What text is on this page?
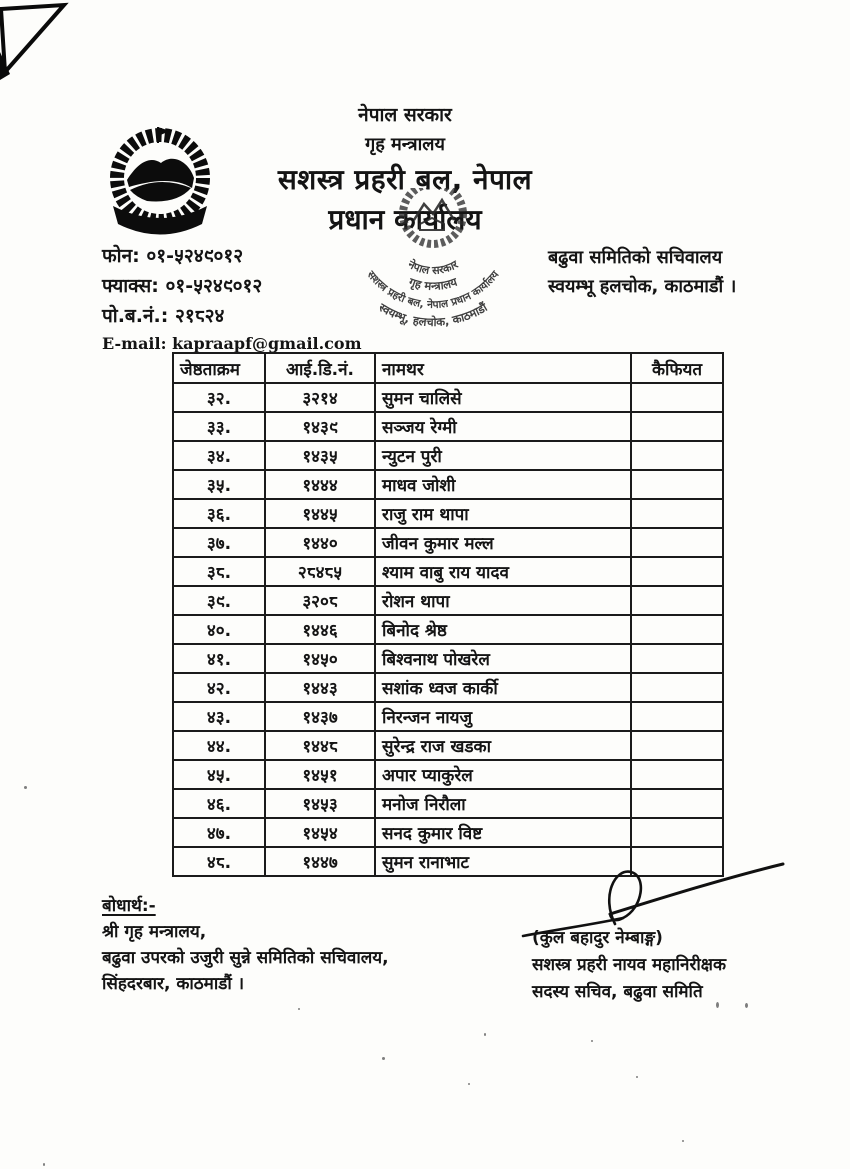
नेपाल सरकार
गृह मन्त्रालय
सशस्त्र प्रहरी बल, नेपाल
प्रधान कार्यालय
नेपाल सरकार
गृह मन्त्रालय
सशस्त्र प्रहरी बल, नेपाल प्रधान कार्यालय
स्वयम्भू, हलचोक, काठमाडौं
फोन: ०१-५२४९०१२
फ्याक्स: ०१-५२४९०१२
पो.ब.नं.: २१८२४
E-mail: kapraapf@gmail.com
बढुवा समितिको सचिवालय
स्वयम्भू हलचोक, काठमाडौं ।
जेष्ठताक्रम	आई.डि.नं.	नामथर	कैफियत
३२.	३२१४	सुमन चालिसे	
३३.	१४३९	सञ्जय रेग्मी	
३४.	१४३५	न्युटन पुरी	
३५.	१४४४	माधव जोशी	
३६.	१४४५	राजु राम थापा	
३७.	१४४०	जीवन कुमार मल्ल	
३८.	२८४८५	श्याम वाबु राय यादव	
३९.	३२०८	रोशन थापा	
४०.	१४४६	बिनोद श्रेष्ठ	
४१.	१४५०	बिश्वनाथ पोखरेल	
४२.	१४४३	सशांक ध्वज कार्की	
४३.	१४३७	निरन्जन नायजु	
४४.	१४४८	सुरेन्द्र राज खडका	
४५.	१४५१	अपार प्याकुरेल	
४६.	१४५३	मनोज निरौला	
४७.	१४५४	सनद कुमार विष्ट	
४८.	१४४७	सुमन रानाभाट	
बोधार्थ:-
श्री गृह मन्त्रालय,
बढुवा उपरको उजुरी सुन्ने समितिको सचिवालय,
सिंहदरबार, काठमाडौं ।
(कुल बहादुर नेम्बाङ्ग)
सशस्त्र प्रहरी नायव महानिरीक्षक
सदस्य सचिव, बढुवा समिति
